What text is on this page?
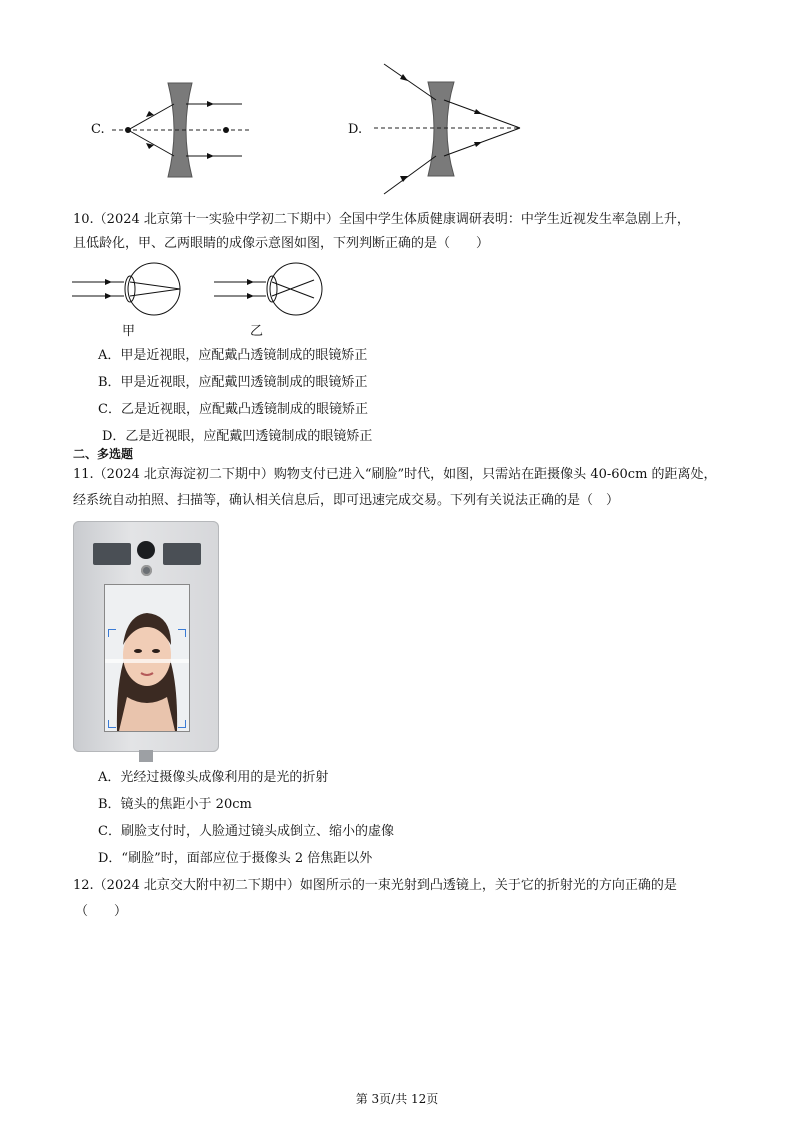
C.	D.
10.（2024 北京第十一实验中学初二下期中）全国中学生体质健康调研表明：中学生近视发生率急剧上升，
且低龄化，甲、乙两眼睛的成像示意图如图，下列判断正确的是（　　）
甲	乙
A．甲是近视眼，应配戴凸透镜制成的眼镜矫正
B．甲是近视眼，应配戴凹透镜制成的眼镜矫正
C．乙是近视眼，应配戴凸透镜制成的眼镜矫正
D．乙是近视眼，应配戴凹透镜制成的眼镜矫正
二、多选题
11.（2024 北京海淀初二下期中）购物支付已进入“刷脸”时代，如图，只需站在距摄像头 40-60cm 的距离处，
经系统自动拍照、扫描等，确认相关信息后，即可迅速完成交易。下列有关说法正确的是（　）
A．光经过摄像头成像利用的是光的折射
B．镜头的焦距小于 20cm
C．刷脸支付时，人脸通过镜头成倒立、缩小的虚像
D．“刷脸”时，面部应位于摄像头 2 倍焦距以外
12.（2024 北京交大附中初二下期中）如图所示的一束光射到凸透镜上，关于它的折射光的方向正确的是
（　　）
第 3页/共 12页
